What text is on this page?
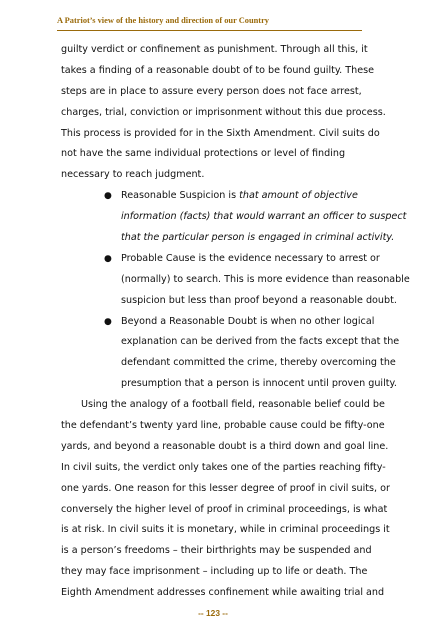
A Patriot’s view of the history and direction of our Country
guilty verdict or confinement as punishment. Through all this, it
takes a finding of a reasonable doubt of to be found guilty. These
steps are in place to assure every person does not face arrest,
charges, trial, conviction or imprisonment without this due process.
This process is provided for in the Sixth Amendment. Civil suits do
not have the same individual protections or level of finding
necessary to reach judgment.
● Reasonable Suspicion is that amount of objective
information (facts) that would warrant an officer to suspect
that the particular person is engaged in criminal activity.
● Probable Cause is the evidence necessary to arrest or
(normally) to search. This is more evidence than reasonable
suspicion but less than proof beyond a reasonable doubt.
● Beyond a Reasonable Doubt is when no other logical
explanation can be derived from the facts except that the
defendant committed the crime, thereby overcoming the
presumption that a person is innocent until proven guilty.
Using the analogy of a football field, reasonable belief could be
the defendant’s twenty yard line, probable cause could be fifty-one
yards, and beyond a reasonable doubt is a third down and goal line.
In civil suits, the verdict only takes one of the parties reaching fifty-
one yards. One reason for this lesser degree of proof in civil suits, or
conversely the higher level of proof in criminal proceedings, is what
is at risk. In civil suits it is monetary, while in criminal proceedings it
is a person’s freedoms – their birthrights may be suspended and
they may face imprisonment – including up to life or death. The
Eighth Amendment addresses confinement while awaiting trial and
-- 123 --
